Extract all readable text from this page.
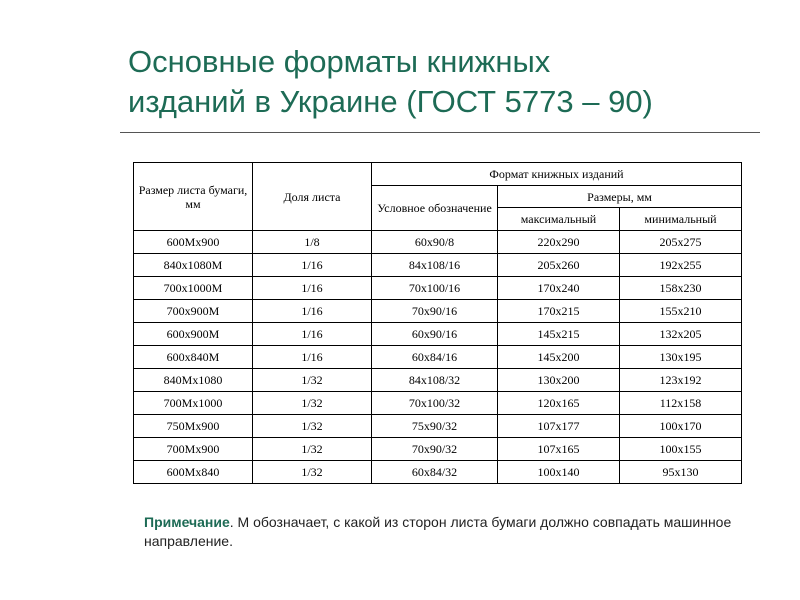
Основные форматы книжных
изданий в Украине (ГОСТ 5773 – 90)
Размер листа бумаги, мм	Доля листа	Формат книжных изданий		
		Условное обозначение	Размеры, мм	
			максимальный	минимальный
600Mx900	1/8	60x90/8	220x290	205x275
840x1080M	1/16	84x108/16	205x260	192x255
700x1000M	1/16	70x100/16	170x240	158x230
700x900M	1/16	70x90/16	170x215	155x210
600x900M	1/16	60x90/16	145x215	132x205
600x840M	1/16	60x84/16	145x200	130x195
840Mx1080	1/32	84x108/32	130x200	123x192
700Mx1000	1/32	70x100/32	120x165	112x158
750Mx900	1/32	75x90/32	107x177	100x170
700Mx900	1/32	70x90/32	107x165	100x155
600Mx840	1/32	60x84/32	100x140	95x130
Примечание. М обозначает, с какой из сторон листа бумаги должно совпадать машинное направление.
